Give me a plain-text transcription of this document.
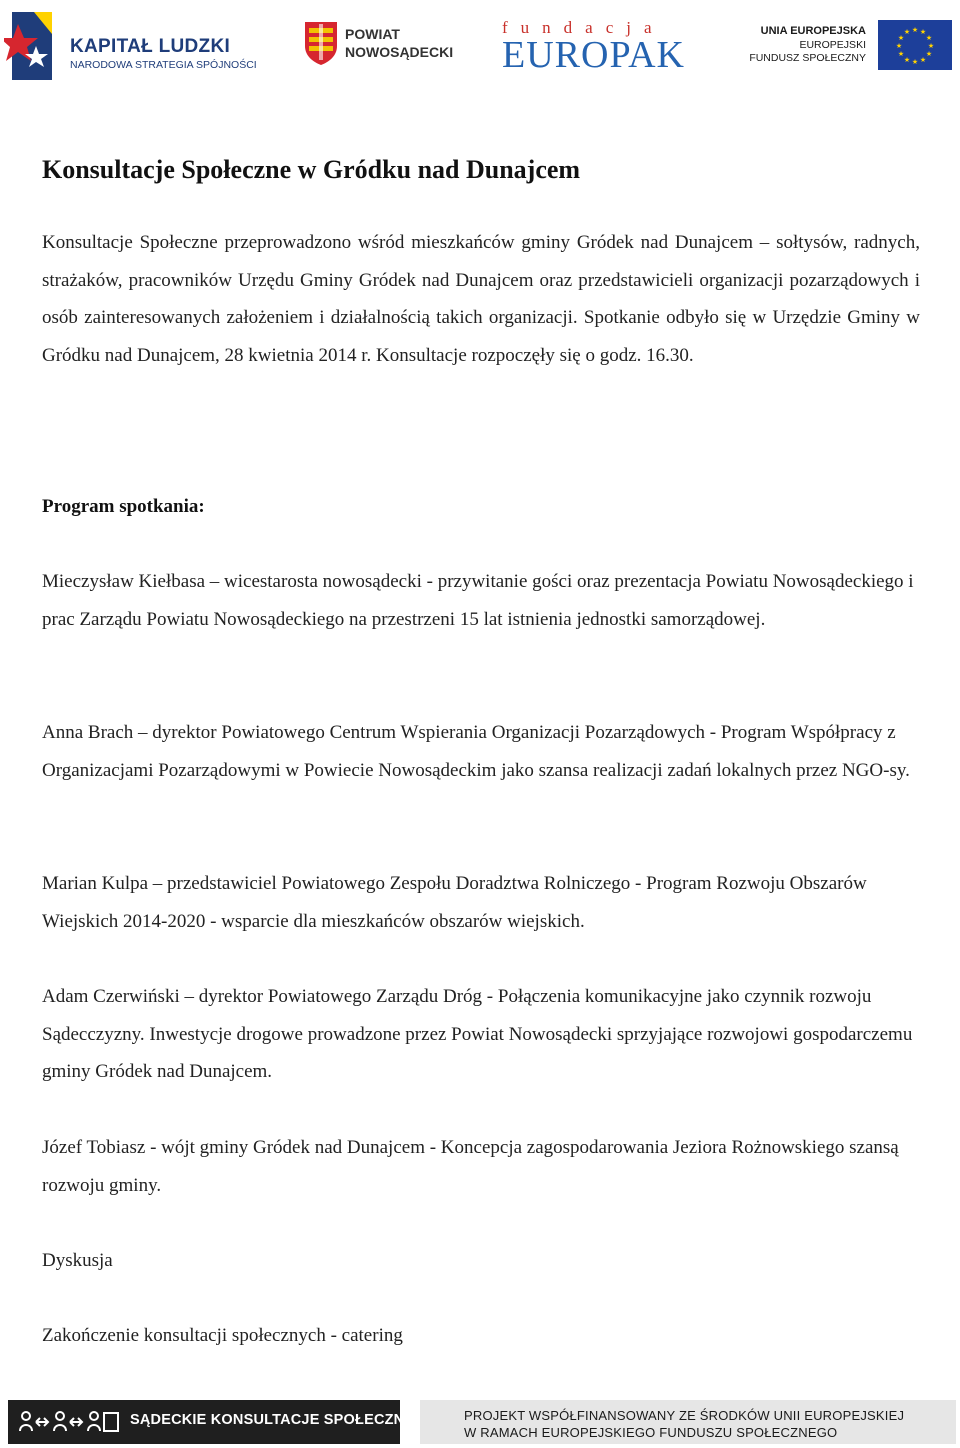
KAPITAŁ LUDZKI
NARODOWA STRATEGIA SPÓJNOŚCI
POWIAT
NOWOSĄDECKI
fundacja
EUROPAK
UNIA EUROPEJSKA
EUROPEJSKI
FUNDUSZ SPOŁECZNY
★ ★
★
★
★
★
★
★
★
★
★
★
Konsultacje Społeczne w Gródku nad Dunajcem

Konsultacje Społeczne przeprowadzono wśród mieszkańców gminy Gródek nad Dunajcem – sołtysów, radnych, strażaków, pracowników Urzędu Gminy Gródek nad Dunajcem oraz przedstawicieli organizacji pozarządowych i osób zainteresowanych założeniem i działalnością takich organizacji. Spotkanie odbyło się w Urzędzie Gminy w Gródku nad Dunajcem, 28 kwietnia 2014 r. Konsultacje rozpoczęły się o godz. 16.30.

Program spotkania:

Mieczysław Kiełbasa – wicestarosta nowosądecki - przywitanie gości oraz prezentacja Powiatu Nowosądeckiego i prac Zarządu Powiatu Nowosądeckiego na przestrzeni 15 lat istnienia jednostki samorządowej.

Anna Brach – dyrektor Powiatowego Centrum Wspierania Organizacji Pozarządowych - Program Współpracy z Organizacjami Pozarządowymi w Powiecie Nowosądeckim jako szansa realizacji zadań lokalnych przez NGO-sy.

Marian Kulpa – przedstawiciel Powiatowego Zespołu Doradztwa Rolniczego - Program Rozwoju Obszarów Wiejskich 2014-2020 - wsparcie dla mieszkańców obszarów wiejskich.

Adam Czerwiński – dyrektor Powiatowego Zarządu Dróg - Połączenia komunikacyjne jako czynnik rozwoju Sądecczyzny. Inwestycje drogowe prowadzone przez Powiat Nowosądecki sprzyjające rozwojowi gospodarczemu gminy Gródek nad Dunajcem.

Józef Tobiasz - wójt gminy Gródek nad Dunajcem - Koncepcja zagospodarowania Jeziora Rożnowskiego szansą rozwoju gminy.

Dyskusja

Zakończenie konsultacji społecznych - catering

SĄDECKIE KONSULTACJE SPOŁECZNE	PROJEKT WSPÓŁFINANSOWANY ZE ŚRODKÓW UNII EUROPEJSKIEJ
W RAMACH EUROPEJSKIEGO FUNDUSZU SPOŁECZNEGO
